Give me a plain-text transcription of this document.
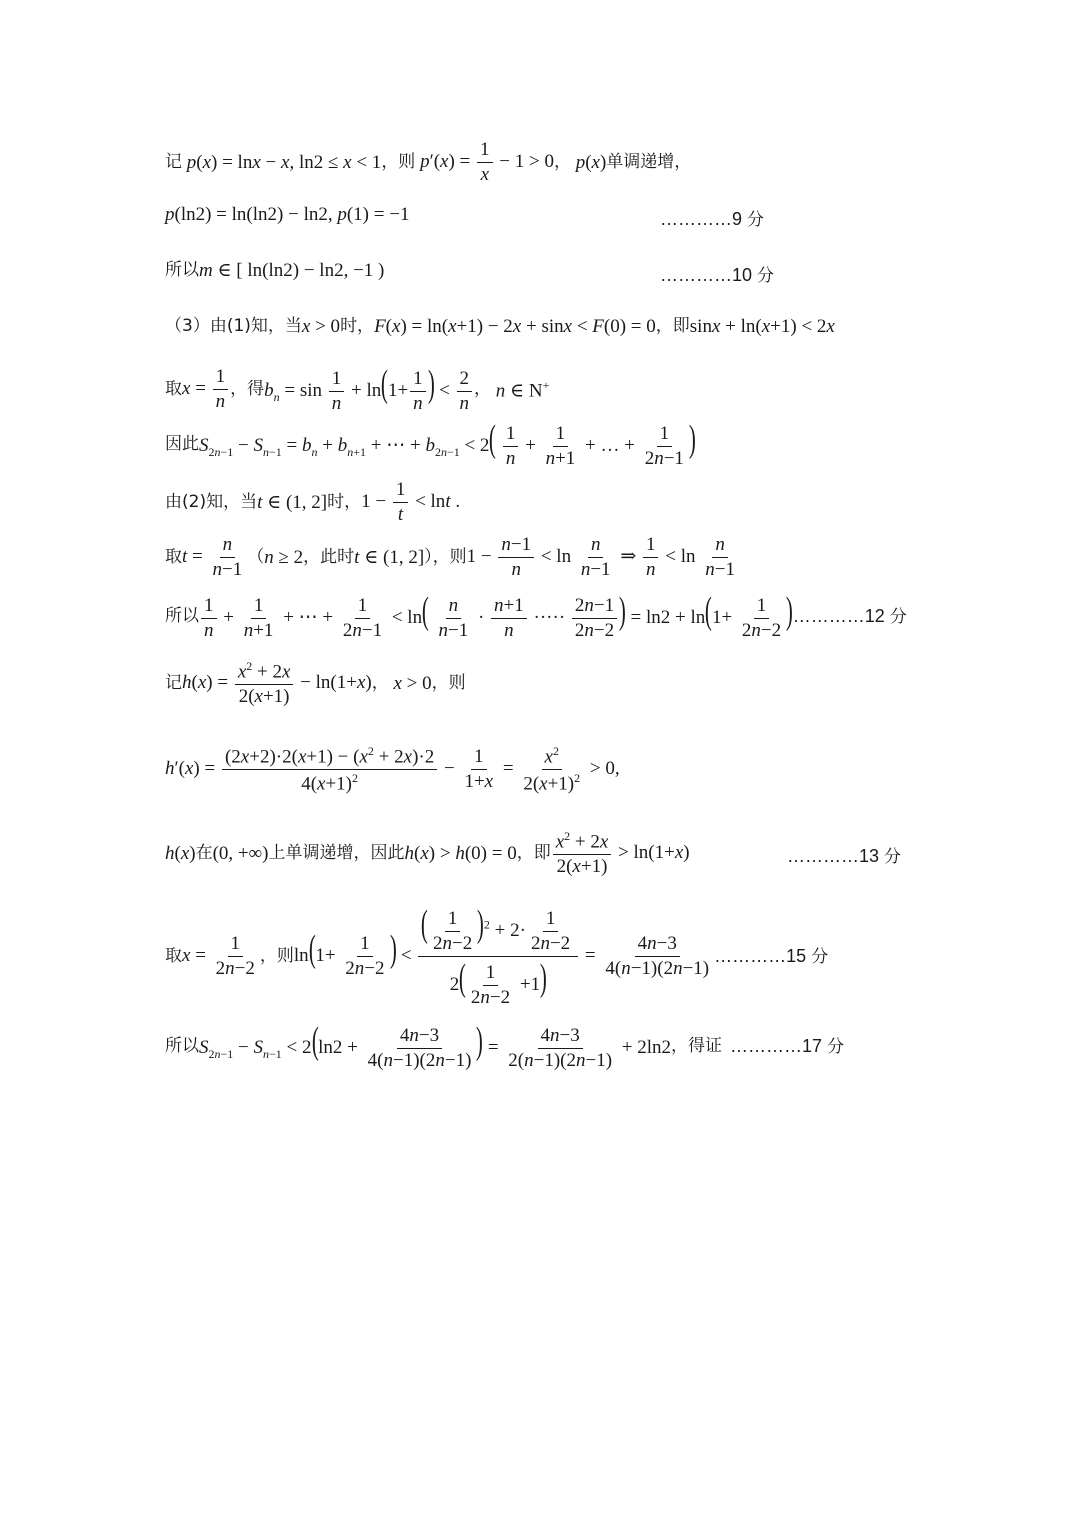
记 p(x) = lnx − x, ln2 ≤ x < 1 ，则 $p'(x) = \frac{1}{x} - 1 > 0$ ， p(x) 单调递增，
p(ln2) = ln(ln2) − ln2, p(1) = −1	…………9 分
所以 m ∈ [ ln(ln2) − ln2, −1 )	…………10 分
（3）由(1)知，当 x > 0 时， F(x) = ln(x+1) − 2x + sinx < F(0) = 0 ，即 sinx + ln(x+1) < 2x
取 $x = \frac{1}{n}$ ，得 $b_n = \sin \frac{1}{n} + \ln(1+ \frac{1}{n}$ ) < $\frac{2}{n}$ ， n ∈ N+
因此 $S_{2n-1} - S_{n-1} = b_n + b_{n+1}$ + ⋯ + $b_{2n-1} < 2( \frac{1}{n} + \frac{1}{n+1}$ + … + $\frac{1}{2n-1}$ )
由(2)知，当 t ∈ (1, 2] 时， $1 - \frac{1}{t} < \ln t$ .
取 $t = \frac{n}{n-1}$ （ n ≥ 2 ，此时 t ∈ (1, 2] ），则 $1 - \frac{n-1}{n} < \ln \frac{n}{n-1}$ ⇒ $\frac{1}{n} < \ln \frac{n}{n-1}$
所以 $\frac{1}{n} + \frac{1}{n+1}$ + ⋯ + $\frac{1}{2n-1} < \ln( \frac{n}{n-1} \cdot \frac{n+1}{n}$ ····· $\frac{2n-1}{2n-2}$ ) = $\ln 2 + \ln(1+ \frac{1}{2n-2}$ ) …………12 分
记 $h(x) = \frac{x^2 + 2x}{2(x+1)} - \ln(1+x)$ ， x > 0 ，则
$h'(x) = \frac{(2x+2)\cdot 2(x+1) - (x^2 + 2x)\cdot 2}{4(x+1)^2} - \frac{1}{1+x} = \frac{x^2}{2(x+1)^2} > 0$,
h(x) 在 (0, +∞) 上单调递增，因此 h(x) > h(0) = 0 ，即 $\frac{x^2 + 2x}{2(x+1)} > \ln(1+x)$	…………13 分
取 $x = \frac{1}{2n-2}$ ，则 $\ln(1+ \frac{1}{2n-2}$ ) < $\frac{( \frac{1}{2n-2} )^2 + 2\cdot \frac{1}{2n-2}}{2( \frac{1}{2n-2} +1)} = \frac{4n-3}{4(n-1)(2n-1)}$ …………15 分
所以 $S_{2n-1} - S_{n-1} < 2(\ln 2 + \frac{4n-3}{4(n-1)(2n-1)}$ ) = $\frac{4n-3}{2(n-1)(2n-1)} + 2\ln 2$ ，得证 …………17 分
